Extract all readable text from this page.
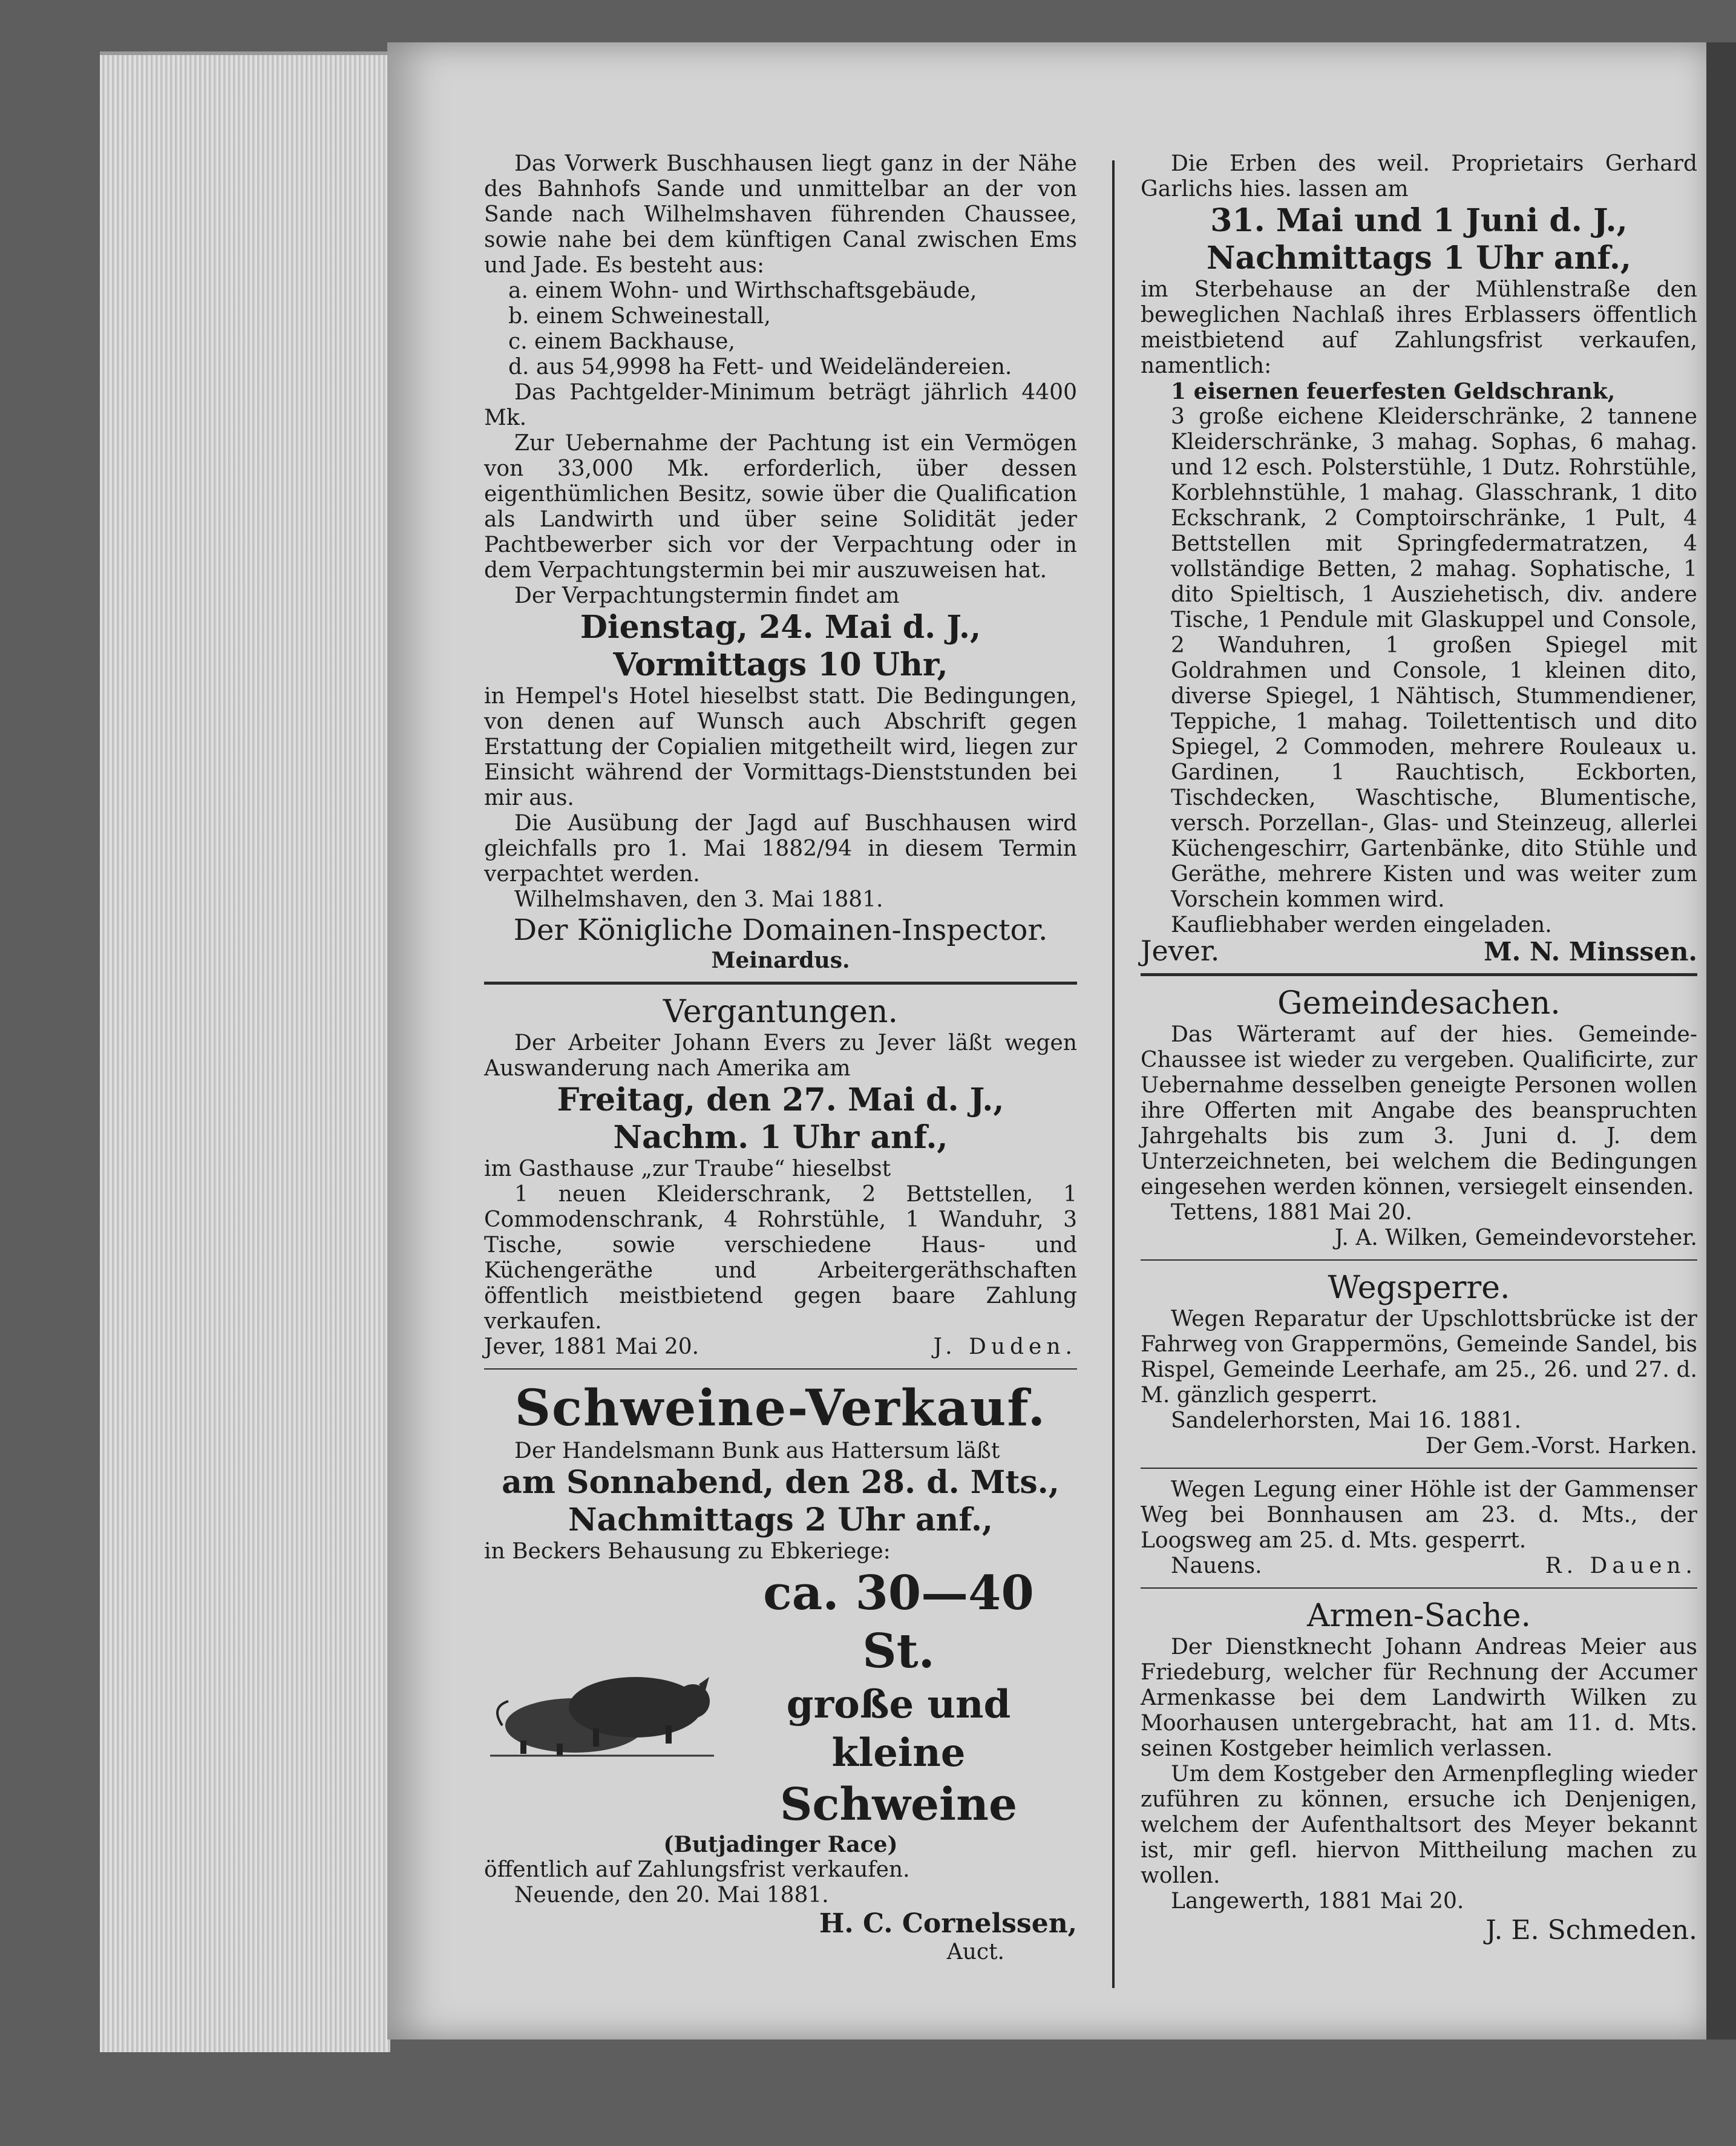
Das Vorwerk Buschhausen liegt ganz in der Nähe des Bahnhofs Sande und unmittelbar an der von Sande nach Wilhelmshaven führenden Chaussee, sowie nahe bei dem künftigen Canal zwischen Ems und Jade. Es besteht aus:

a. einem Wohn- und Wirthschaftsgebäude,

b. einem Schweinestall,

c. einem Backhause,

d. aus 54,9998 ha Fett- und Weideländereien.

Das Pachtgelder-Minimum beträgt jährlich 4400 Mk.

Zur Uebernahme der Pachtung ist ein Vermögen von 33,000 Mk. erforderlich, über dessen eigenthümlichen Besitz, sowie über die Qualification als Landwirth und über seine Solidität jeder Pachtbewerber sich vor der Verpachtung oder in dem Verpachtungstermin bei mir auszuweisen hat.

Der Verpachtungstermin findet am

Dienstag, 24. Mai d. J.,
Vormittags 10 Uhr,

in Hempel's Hotel hieselbst statt. Die Bedingungen, von denen auf Wunsch auch Abschrift gegen Erstattung der Copialien mitgetheilt wird, liegen zur Einsicht während der Vormittags-Dienststunden bei mir aus.

Die Ausübung der Jagd auf Buschhausen wird gleichfalls pro 1. Mai 1882/94 in diesem Termin verpachtet werden.

Wilhelmshaven, den 3. Mai 1881.

Der Königliche Domainen-Inspector.

Meinardus.

Vergantungen.

Der Arbeiter Johann Evers zu Jever läßt wegen Auswanderung nach Amerika am

Freitag, den 27. Mai d. J.,
Nachm. 1 Uhr anf.,

im Gasthause „zur Traube“ hieselbst

1 neuen Kleiderschrank, 2 Bettstellen, 1 Commodenschrank, 4 Rohrstühle, 1 Wanduhr, 3 Tische, sowie verschiedene Haus- und Küchengeräthe und Arbeitergeräthschaften öffentlich meistbietend gegen baare Zahlung verkaufen.

Jever, 1881 Mai 20.	J. Duden.

Schweine-Verkauf.

Der Handelsmann Bunk aus Hattersum läßt

am Sonnabend, den 28. d. Mts.,
Nachmittags 2 Uhr anf.,

in Beckers Behausung zu Ebkeriege:

ca. 30—40 St.
große und kleine
Schweine

(Butjadinger Race)

öffentlich auf Zahlungsfrist verkaufen.

Neuende, den 20. Mai 1881.

H. C. Cornelssen,

Auct.

Die Erben des weil. Proprietairs Gerhard Garlichs hies. lassen am

31. Mai und 1 Juni d. J.,
Nachmittags 1 Uhr anf.,

im Sterbehause an der Mühlenstraße den beweglichen Nachlaß ihres Erblassers öffentlich meistbietend auf Zahlungsfrist verkaufen, namentlich:

1 eisernen feuerfesten Geldschrank,

3 große eichene Kleiderschränke, 2 tannene Kleiderschränke, 3 mahag. Sophas, 6 mahag. und 12 esch. Polsterstühle, 1 Dutz. Rohrstühle, Korblehnstühle, 1 mahag. Glasschrank, 1 dito Eckschrank, 2 Comptoirschränke, 1 Pult, 4 Bettstellen mit Springfedermatratzen, 4 vollständige Betten, 2 mahag. Sophatische, 1 dito Spieltisch, 1 Ausziehetisch, div. andere Tische, 1 Pendule mit Glaskuppel und Console, 2 Wanduhren, 1 großen Spiegel mit Goldrahmen und Console, 1 kleinen dito, diverse Spiegel, 1 Nähtisch, Stummendiener, Teppiche, 1 mahag. Toilettentisch und dito Spiegel, 2 Commoden, mehrere Rouleaux u. Gardinen, 1 Rauchtisch, Eckborten, Tischdecken, Waschtische, Blumentische, versch. Porzellan-, Glas- und Steinzeug, allerlei Küchengeschirr, Gartenbänke, dito Stühle und Geräthe, mehrere Kisten und was weiter zum Vorschein kommen wird.

Kaufliebhaber werden eingeladen.

Jever.	M. N. Minssen.

Gemeindesachen.

Das Wärteramt auf der hies. Gemeinde-Chaussee ist wieder zu vergeben. Qualificirte, zur Uebernahme desselben geneigte Personen wollen ihre Offerten mit Angabe des beanspruchten Jahrgehalts bis zum 3. Juni d. J. dem Unterzeichneten, bei welchem die Bedingungen eingesehen werden können, versiegelt einsenden.

Tettens, 1881 Mai 20.

J. A. Wilken, Gemeindevorsteher.

Wegsperre.

Wegen Reparatur der Upschlottsbrücke ist der Fahrweg von Grappermöns, Gemeinde Sandel, bis Rispel, Gemeinde Leerhafe, am 25., 26. und 27. d. M. gänzlich gesperrt.

Sandelerhorsten, Mai 16. 1881.

Der Gem.-Vorst. Harken.

Wegen Legung einer Höhle ist der Gammenser Weg bei Bonnhausen am 23. d. Mts., der Loogsweg am 25. d. Mts. gesperrt.

Nauens.	R. Dauen.

Armen-Sache.

Der Dienstknecht Johann Andreas Meier aus Friedeburg, welcher für Rechnung der Accumer Armenkasse bei dem Landwirth Wilken zu Moorhausen untergebracht, hat am 11. d. Mts. seinen Kostgeber heimlich verlassen.

Um dem Kostgeber den Armenpflegling wieder zuführen zu können, ersuche ich Denjenigen, welchem der Aufenthaltsort des Meyer bekannt ist, mir gefl. hiervon Mittheilung machen zu wollen.

Langewerth, 1881 Mai 20.

J. E. Schmeden.
